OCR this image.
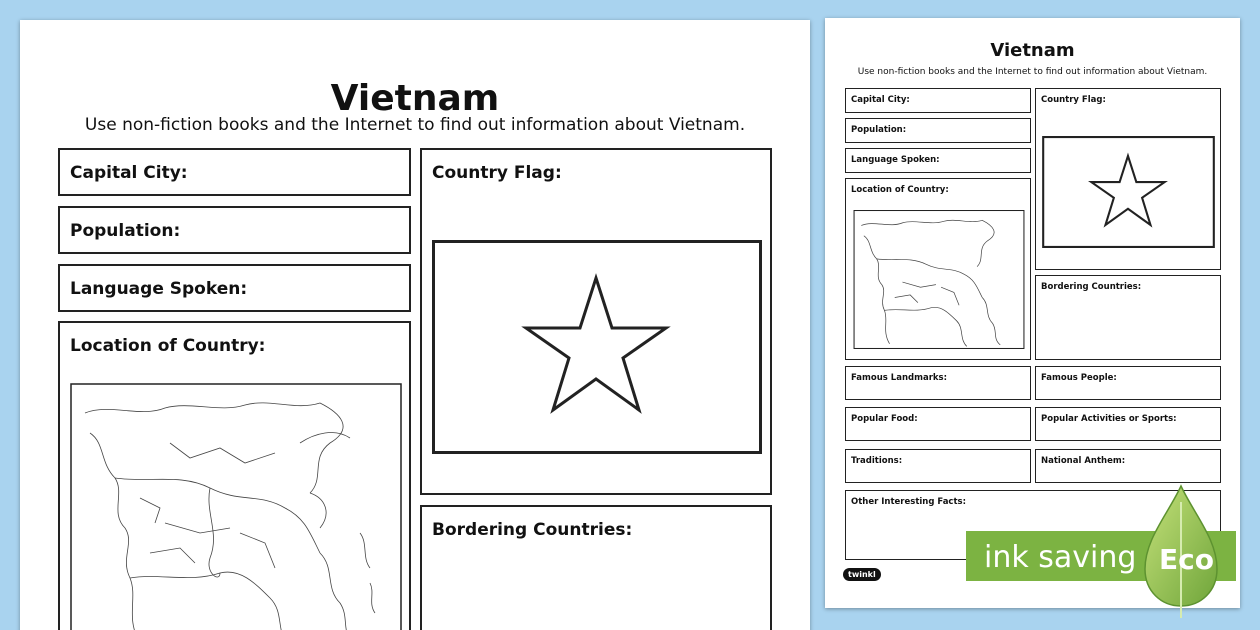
Vietnam
Use non-fiction books and the Internet to find out information about Vietnam.
Capital City:
Population:
Language Spoken:
Location of Country:
Country Flag:
Bordering Countries:
Vietnam
Use non-fiction books and the Internet to find out information about Vietnam.
Capital City:
Population:
Language Spoken:
Location of Country:
Country Flag:
Bordering Countries:
Famous Landmarks:	Famous People:
Popular Food:	Popular Activities or Sports:
Traditions:	National Anthem:
Other Interesting Facts:
twinkl	ink saving Eco
